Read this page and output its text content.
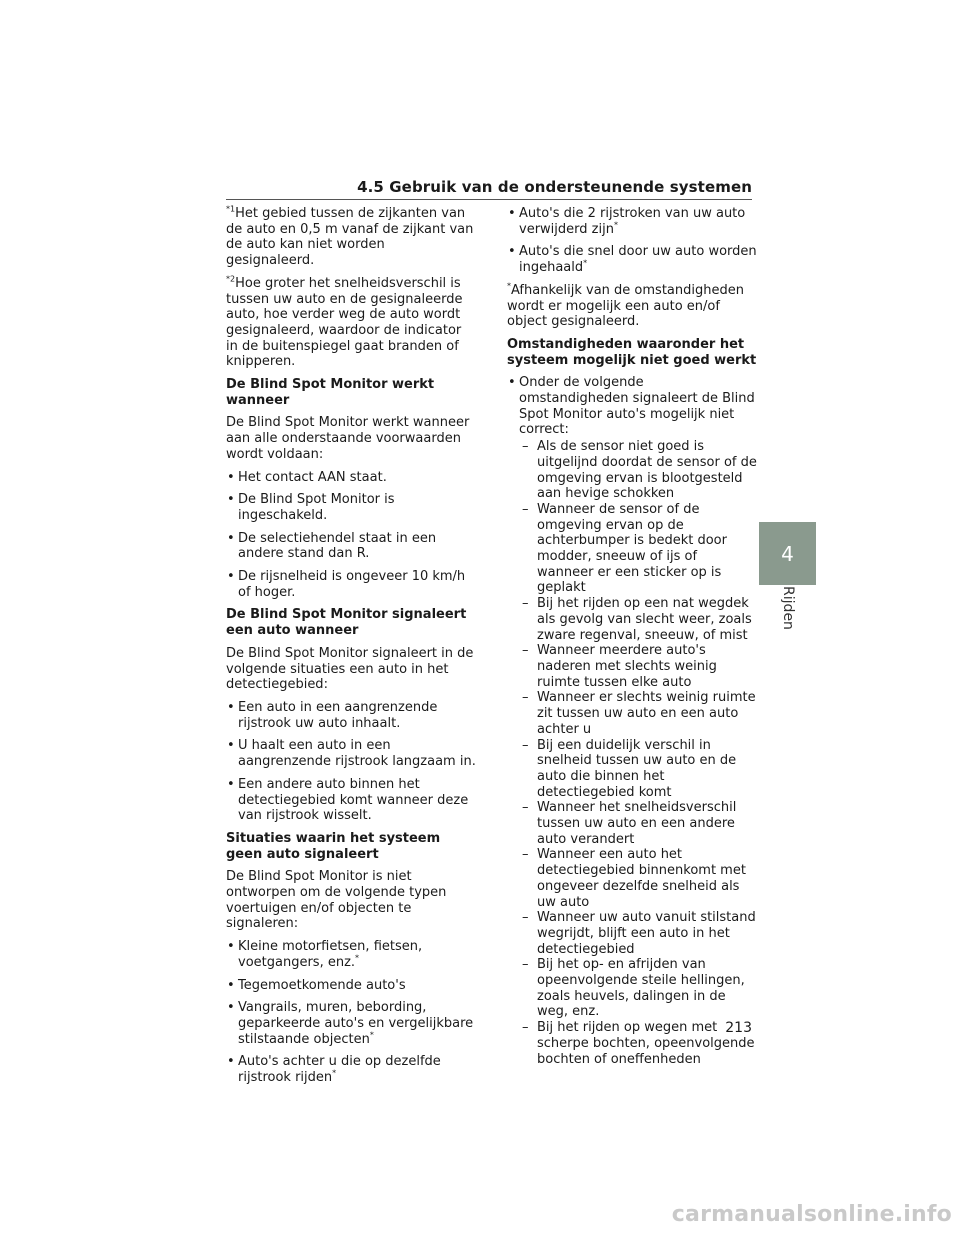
4.5 Gebruik van de ondersteunende systemen

$^{*1}$Het gebied tussen de zijkanten van de auto en 0,5 m vanaf de zijkant van de auto kan niet worden gesignaleerd.

$^{*2}$Hoe groter het snelheidsverschil is tussen uw auto en de gesignaleerde auto, hoe verder weg de auto wordt gesignaleerd, waardoor de indicator in de buitenspiegel gaat branden of knipperen.

De Blind Spot Monitor werkt wanneer

De Blind Spot Monitor werkt wanneer aan alle onderstaande voorwaarden wordt voldaan:

• Het contact AAN staat.
• De Blind Spot Monitor is ingeschakeld.
• De selectiehendel staat in een andere stand dan R.
• De rijsnelheid is ongeveer 10 km/h of hoger.
De Blind Spot Monitor signaleert een auto wanneer

De Blind Spot Monitor signaleert in de volgende situaties een auto in het detectiegebied:

• Een auto in een aangrenzende rijstrook uw auto inhaalt.
• U haalt een auto in een aangrenzende rijstrook langzaam in.
• Een andere auto binnen het detectiegebied komt wanneer deze van rijstrook wisselt.
Situaties waarin het systeem geen auto signaleert

De Blind Spot Monitor is niet ontworpen om de volgende typen voertuigen en/of objecten te signaleren:

• Kleine motorfietsen, fietsen, voetgangers, enz.*
• Tegemoetkomende auto's
• Vangrails, muren, bebording, geparkeerde auto's en vergelijkbare stilstaande objecten*
• Auto's achter u die op dezelfde rijstrook rijden*
• Auto's die 2 rijstroken van uw auto verwijderd zijn*
• Auto's die snel door uw auto worden ingehaald*

*Afhankelijk van de omstandigheden wordt er mogelijk een auto en/of object gesignaleerd.

Omstandigheden waaronder het systeem mogelijk niet goed werkt
• Onder de volgende omstandigheden signaleert de Blind Spot Monitor auto's mogelijk niet correct:
– Als de sensor niet goed is uitgelijnd doordat de sensor of de omgeving ervan is blootgesteld aan hevige schokken
– Wanneer de sensor of de omgeving ervan op de achterbumper is bedekt door modder, sneeuw of ijs of wanneer er een sticker op is geplakt
– Bij het rijden op een nat wegdek als gevolg van slecht weer, zoals zware regenval, sneeuw, of mist
– Wanneer meerdere auto's naderen met slechts weinig ruimte tussen elke auto
– Wanneer er slechts weinig ruimte zit tussen uw auto en een auto achter u
– Bij een duidelijk verschil in snelheid tussen uw auto en de auto die binnen het detectiegebied komt
– Wanneer het snelheidsverschil tussen uw auto en een andere auto verandert
– Wanneer een auto het detectiegebied binnenkomt met ongeveer dezelfde snelheid als uw auto
– Wanneer uw auto vanuit stilstand wegrijdt, blijft een auto in het detectiegebied
– Bij het op- en afrijden van opeenvolgende steile hellingen, zoals heuvels, dalingen in de weg, enz.
– Bij het rijden op wegen met scherpe bochten, opeenvolgende bochten of oneffenheden
4
Rijden
213
carmanualsonline.info
